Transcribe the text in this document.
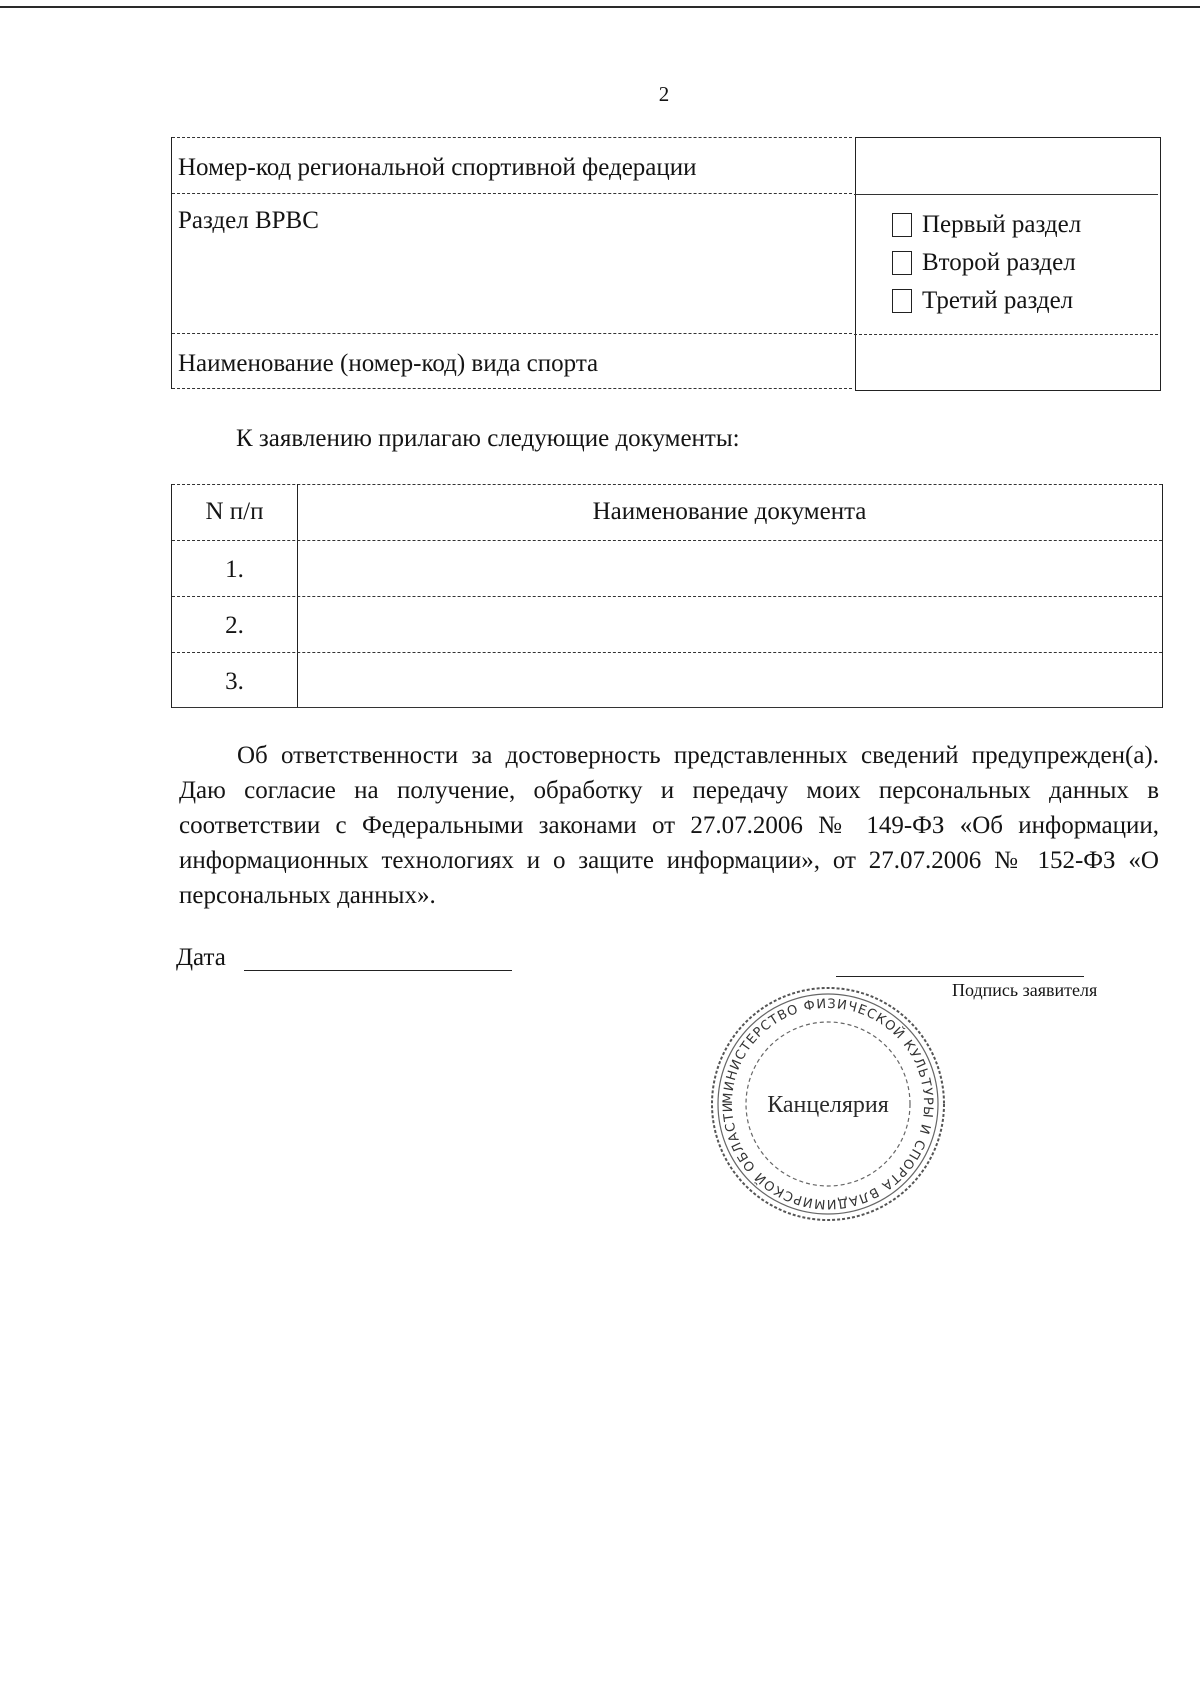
2
Номер-код региональной спортивной федерации
Раздел ВРВС
Наименование (номер-код) вида спорта
Первый раздел
Второй раздел
Третий раздел
К заявлению прилагаю следующие документы:
N п/п	Наименование документа
1.
2.
3.
Об ответственности за достоверность представленных сведений предупрежден(а). Даю согласие на получение, обработку и передачу моих персональных данных в соответствии с Федеральными законами от 27.07.2006 № 149-ФЗ «Об информации, информационных технологиях и о защите информации», от 27.07.2006 № 152-ФЗ «О персональных данных».
Дата
Подпись заявителя
МИНИСТЕРСТВО ФИЗИЧЕСКОЙ КУЛЬТУРЫ И СПОРТА ВЛАДИМИРСКОЙ ОБЛАСТИ	Канцелярия
